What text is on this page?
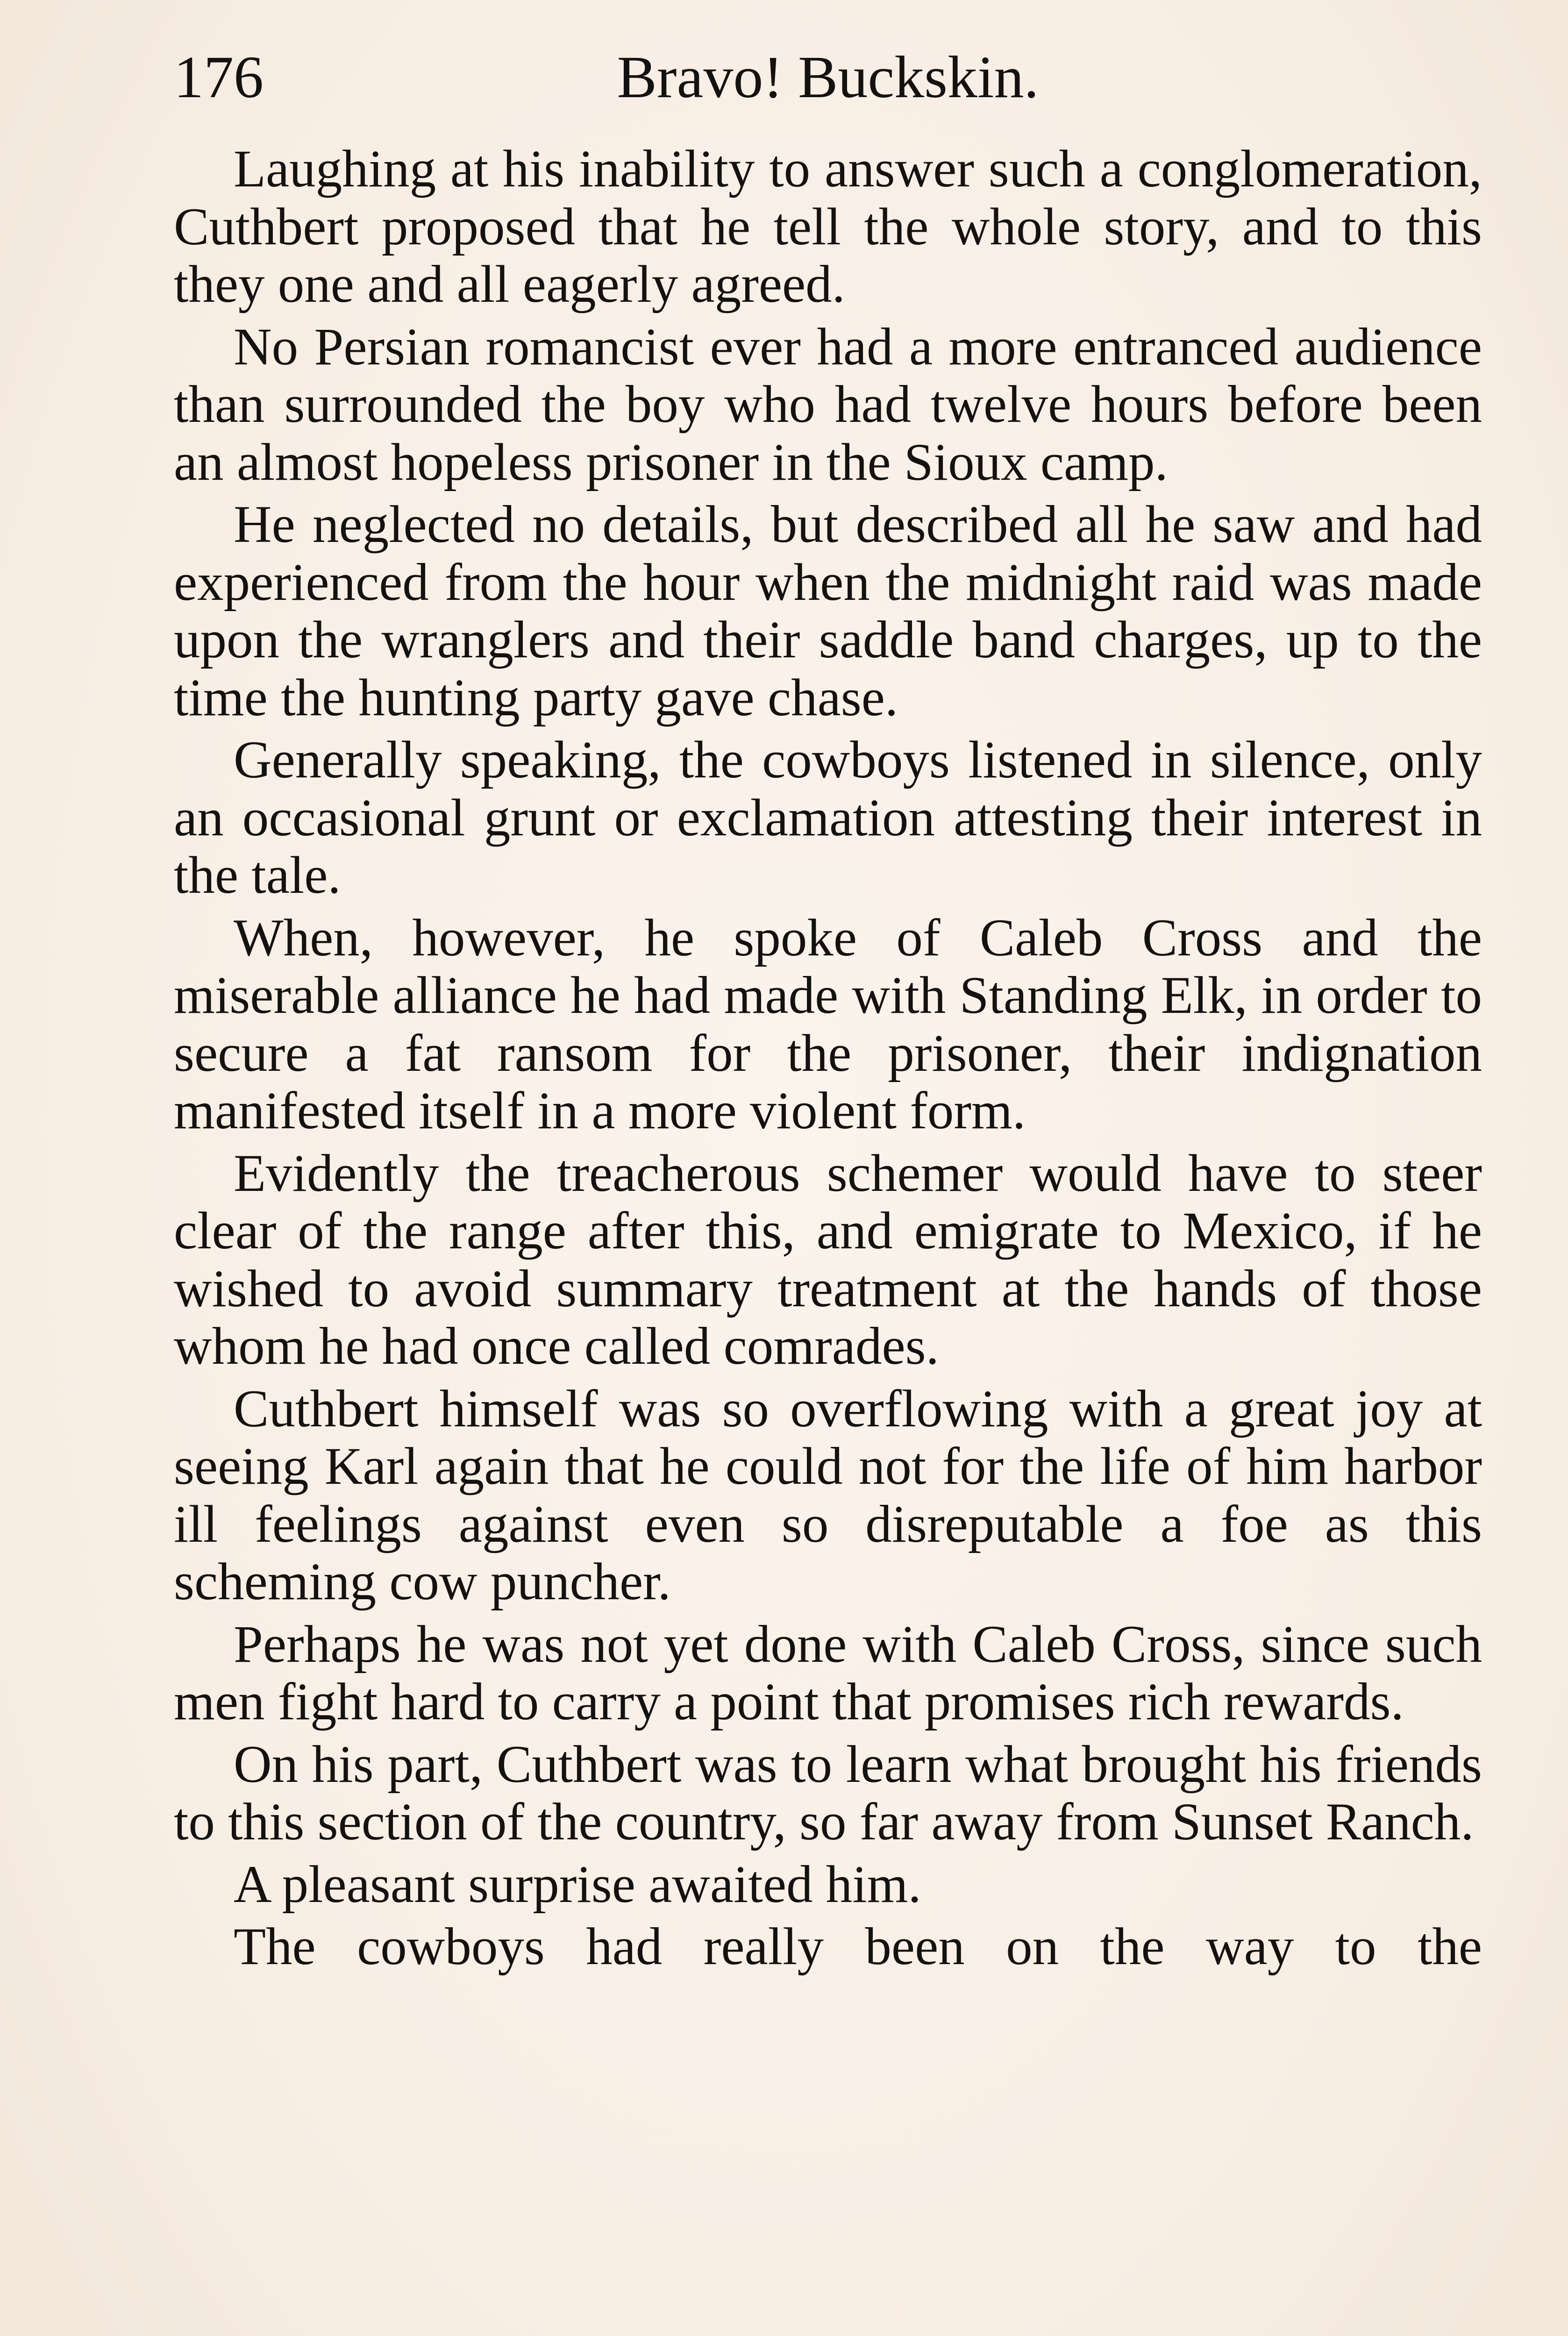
176	Bravo! Buckskin.

Laughing at his inability to answer such a conglomeration, Cuthbert proposed that he tell the whole story, and to this they one and all eagerly agreed.

No Persian romancist ever had a more entranced audience than surrounded the boy who had twelve hours before been an almost hopeless prisoner in the Sioux camp.

He neglected no details, but described all he saw and had experienced from the hour when the midnight raid was made upon the wranglers and their saddle band charges, up to the time the hunting party gave chase.

Generally speaking, the cowboys listened in silence, only an occasional grunt or exclamation attesting their interest in the tale.

When, however, he spoke of Caleb Cross and the miserable alliance he had made with Standing Elk, in order to secure a fat ransom for the prisoner, their indignation manifested itself in a more violent form.

Evidently the treacherous schemer would have to steer clear of the range after this, and emigrate to Mexico, if he wished to avoid summary treatment at the hands of those whom he had once called comrades.

Cuthbert himself was so overflowing with a great joy at seeing Karl again that he could not for the life of him harbor ill feelings against even so disreputable a foe as this scheming cow puncher.

Perhaps he was not yet done with Caleb Cross, since such men fight hard to carry a point that promises rich rewards.

On his part, Cuthbert was to learn what brought his friends to this section of the country, so far away from Sunset Ranch.

A pleasant surprise awaited him.

The cowboys had really been on the way to the
